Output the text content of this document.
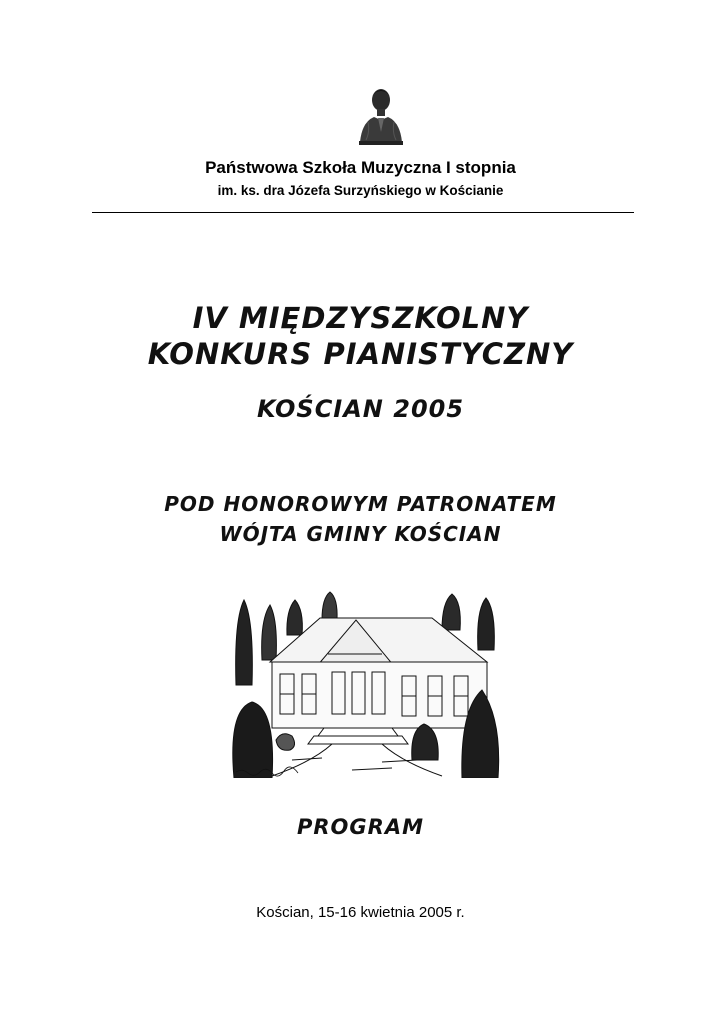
Państwowa Szkoła Muzyczna I stopnia
im. ks. dra Józefa Surzyńskiego w Kościanie
IV MIĘDZYSZKOLNY
KONKURS PIANISTYCZNY
KOŚCIAN 2005
POD HONOROWYM PATRONATEM
WÓJTA GMINY KOŚCIAN
PROGRAM
Kościan, 15-16 kwietnia 2005 r.
